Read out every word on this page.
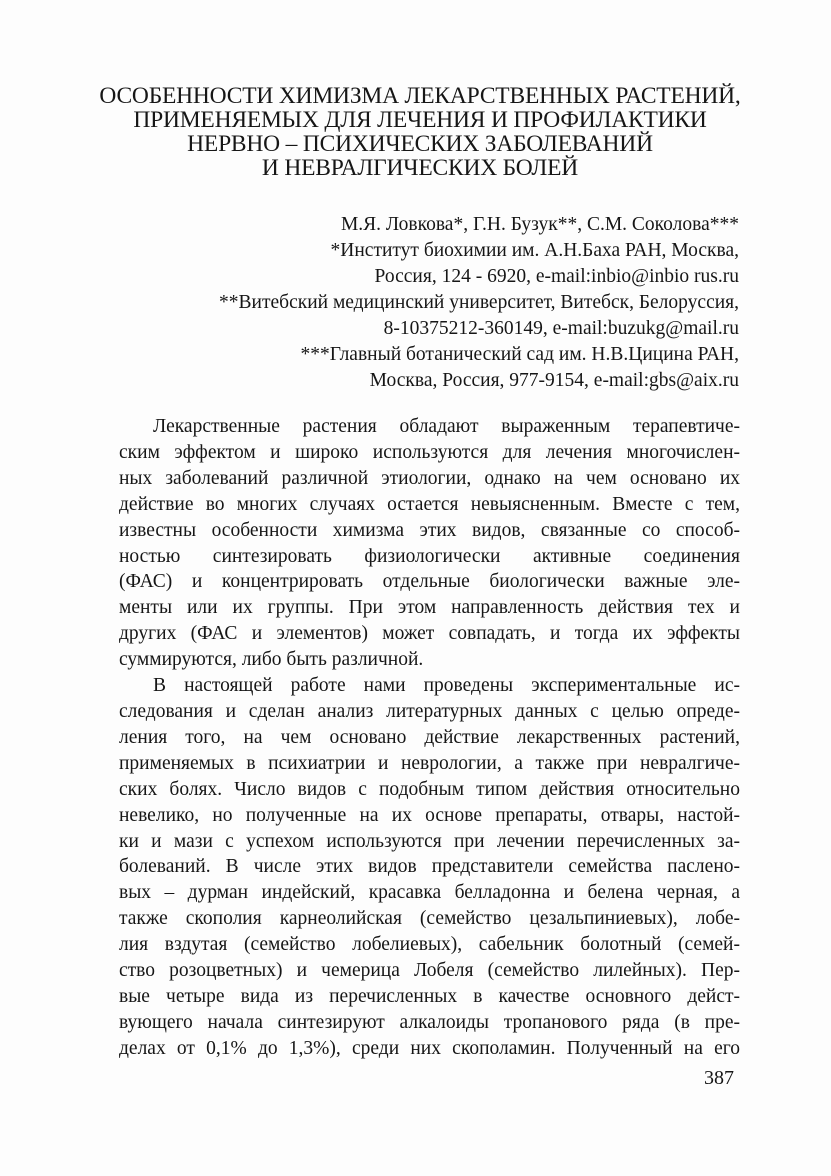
ОСОБЕННОСТИ ХИМИЗМА ЛЕКАРСТВЕННЫХ РАСТЕНИЙ,
ПРИМЕНЯЕМЫХ ДЛЯ ЛЕЧЕНИЯ И ПРОФИЛАКТИКИ
НЕРВНО – ПСИХИЧЕСКИХ ЗАБОЛЕВАНИЙ
И НЕВРАЛГИЧЕСКИХ БОЛЕЙ
М.Я. Ловкова*, Г.Н. Бузук**, С.М. Соколова***
*Институт биохимии им. А.Н.Баха РАН, Москва,
Россия, 124 - 6920, e-mail:inbio@inbio rus.ru
**Витебский медицинский университет, Витебск, Белоруссия,
8-10375212-360149, e-mail:buzukg@mail.ru
***Главный ботанический сад им. Н.В.Цицина РАН,
Москва, Россия, 977-9154, e-mail:gbs@aix.ru

Лекарственные растения обладают выраженным терапевтиче-
ским эффектом и широко используются для лечения многочислен-
ных заболеваний различной этиологии, однако на чем основано их
действие во многих случаях остается невыясненным. Вместе с тем,
известны особенности химизма этих видов, связанные со способ-
ностью синтезировать физиологически активные соединения
(ФАС) и концентрировать отдельные биологически важные эле-
менты или их группы. При этом направленность действия тех и
других (ФАС и элементов) может совпадать, и тогда их эффекты
суммируются, либо быть различной.

В настоящей работе нами проведены экспериментальные ис-
следования и сделан анализ литературных данных с целью опреде-
ления того, на чем основано действие лекарственных растений,
применяемых в психиатрии и неврологии, а также при невралгиче-
ских болях. Число видов с подобным типом действия относительно
невелико, но полученные на их основе препараты, отвары, настой-
ки и мази с успехом используются при лечении перечисленных за-
болеваний. В числе этих видов представители семейства пасленo-
вых – дурман индейский, красавка белладонна и белена черная, а
также скополия карнеолийская (семейство цезальпиниевых), лобе-
лия вздутая (семейство лобелиевых), сабельник болотный (семей-
ство розоцветных) и чемерица Лобеля (семейство лилейных). Пер-
вые четыре вида из перечисленных в качестве основного дейст-
вующего начала синтезируют алкалоиды тропанового ряда (в пре-
делах от 0,1% до 1,3%), среди них скополамин. Полученный на его

387
